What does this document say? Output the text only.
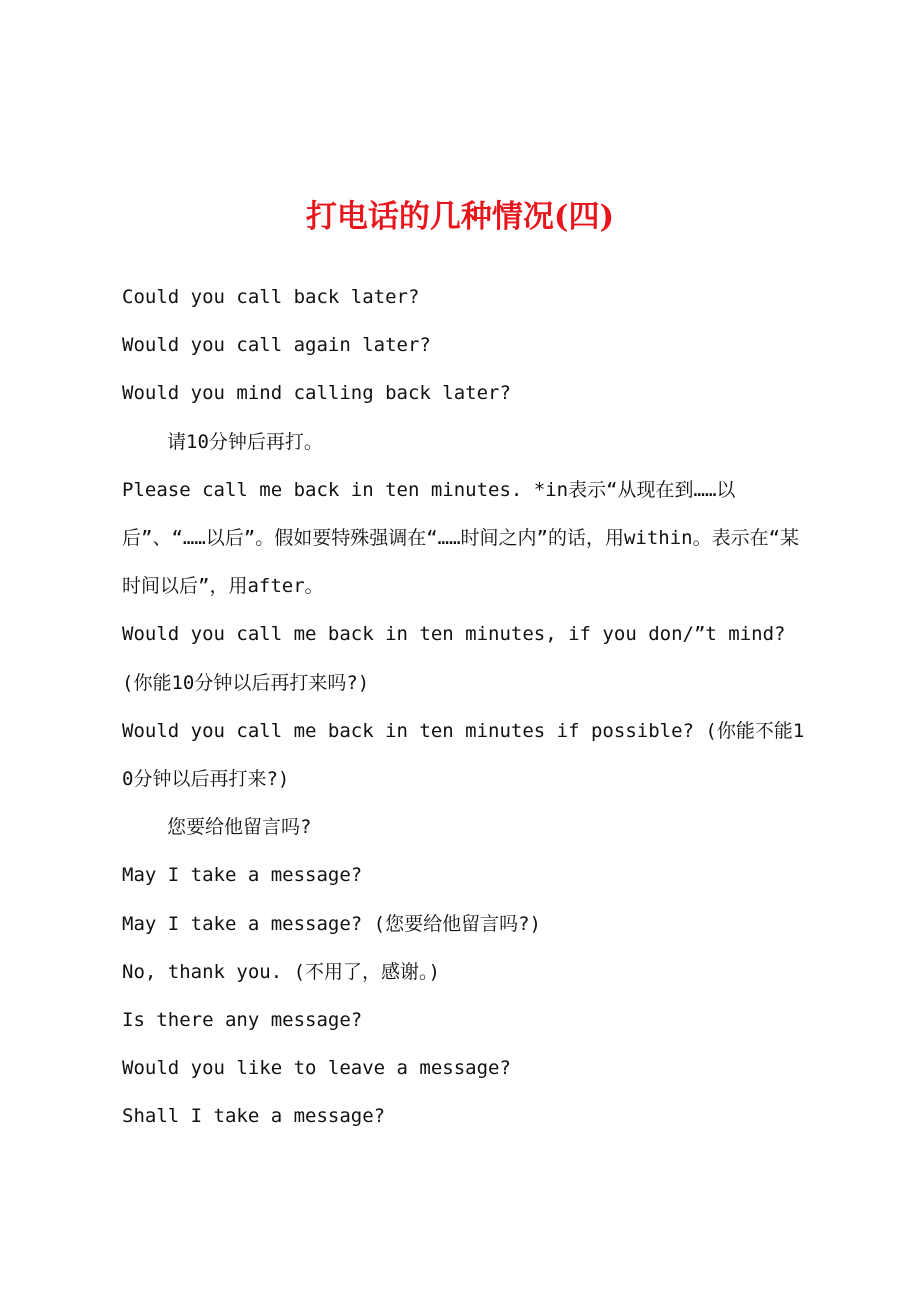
打电话的几种情况(四)

Could you call back later?

Would you call again later?

Would you mind calling back later?

请10分钟后再打。

Please call me back in ten minutes. *in表示“从现在到……以后”、“……以后”。假如要特殊强调在“……时间之内”的话，用within。表示在“某时间以后”，用after。

Would you call me back in ten minutes, if you don/”t mind? (你能10分钟以后再打来吗?)

Would you call me back in ten minutes if possible? (你能不能10分钟以后再打来?)

您要给他留言吗?

May I take a message?

May I take a message? (您要给他留言吗?)

No, thank you. (不用了，感谢。)

Is there any message?

Would you like to leave a message?

Shall I take a message?
